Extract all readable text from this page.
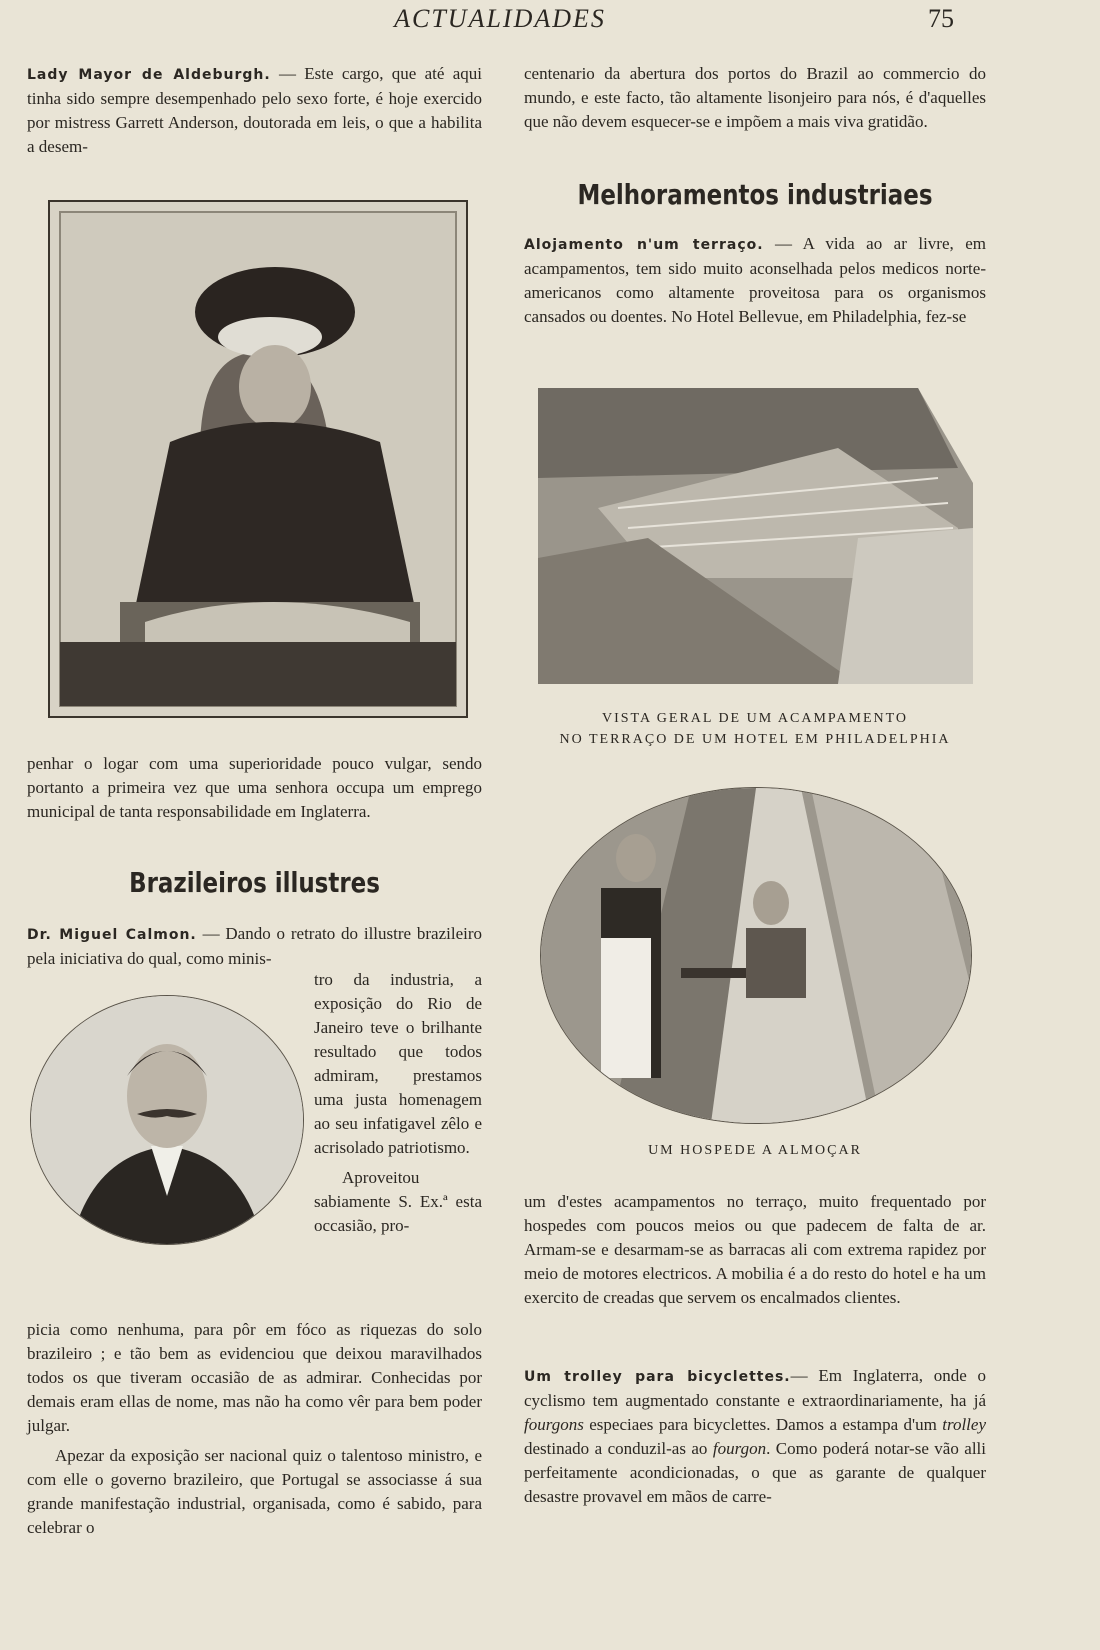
ACTUALIDADES	75

Lady Mayor de Aldeburgh. — Este cargo, que até aqui tinha sido sempre desempenhado pelo sexo forte, é hoje exercido por mistress Garrett Anderson, doutorada em leis, o que a habilita a desem-

penhar o logar com uma superioridade pouco vulgar, sendo portanto a primeira vez que uma senhora occupa um emprego municipal de tanta responsabilidade em Inglaterra.

Brazileiros illustres

Dr. Miguel Calmon. — Dando o retrato do illustre brazileiro pela iniciativa do qual, como minis-

tro da industria, a exposição do Rio de Janeiro teve o brilhante resultado que todos admiram, prestamos uma justa homenagem ao seu infatigavel zêlo e acrisolado patriotismo.

Aproveitou sabiamente S. Ex.ª esta occasião, pro-

picia como nenhuma, para pôr em fóco as riquezas do solo brazileiro ; e tão bem as evidenciou que deixou maravilhados todos os que tiveram occasião de as admirar. Conhecidas por demais eram ellas de nome, mas não ha como vêr para bem poder julgar.

Apezar da exposição ser nacional quiz o talentoso ministro, e com elle o governo brazileiro, que Portugal se associasse á sua grande manifestação industrial, organisada, como é sabido, para celebrar o

centenario da abertura dos portos do Brazil ao commercio do mundo, e este facto, tão altamente lisonjeiro para nós, é d'aquelles que não devem esquecer-se e impõem a mais viva gratidão.

Melhoramentos industriaes

Alojamento n'um terraço. — A vida ao ar livre, em acampamentos, tem sido muito aconselhada pelos medicos norte-americanos como altamente proveitosa para os organismos cansados ou doentes. No Hotel Bellevue, em Philadelphia, fez-se

VISTA GERAL DE UM ACAMPAMENTO
NO TERRAÇO DE UM HOTEL EM PHILADELPHIA
UM HOSPEDE A ALMOÇAR

um d'estes acampamentos no terraço, muito frequentado por hospedes com poucos meios ou que padecem de falta de ar. Armam-se e desarmam-se as barracas ali com extrema rapidez por meio de motores electricos. A mobilia é a do resto do hotel e ha um exercito de creadas que servem os encalmados clientes.

Um trolley para bicyclettes.— Em Inglaterra, onde o cyclismo tem augmentado constante e extraordinariamente, ha já fourgons especiaes para bicyclettes. Damos a estampa d'um trolley destinado a conduzil-as ao fourgon. Como poderá notar-se vão alli perfeitamente acondicionadas, o que as garante de qualquer desastre provavel em mãos de carre-
